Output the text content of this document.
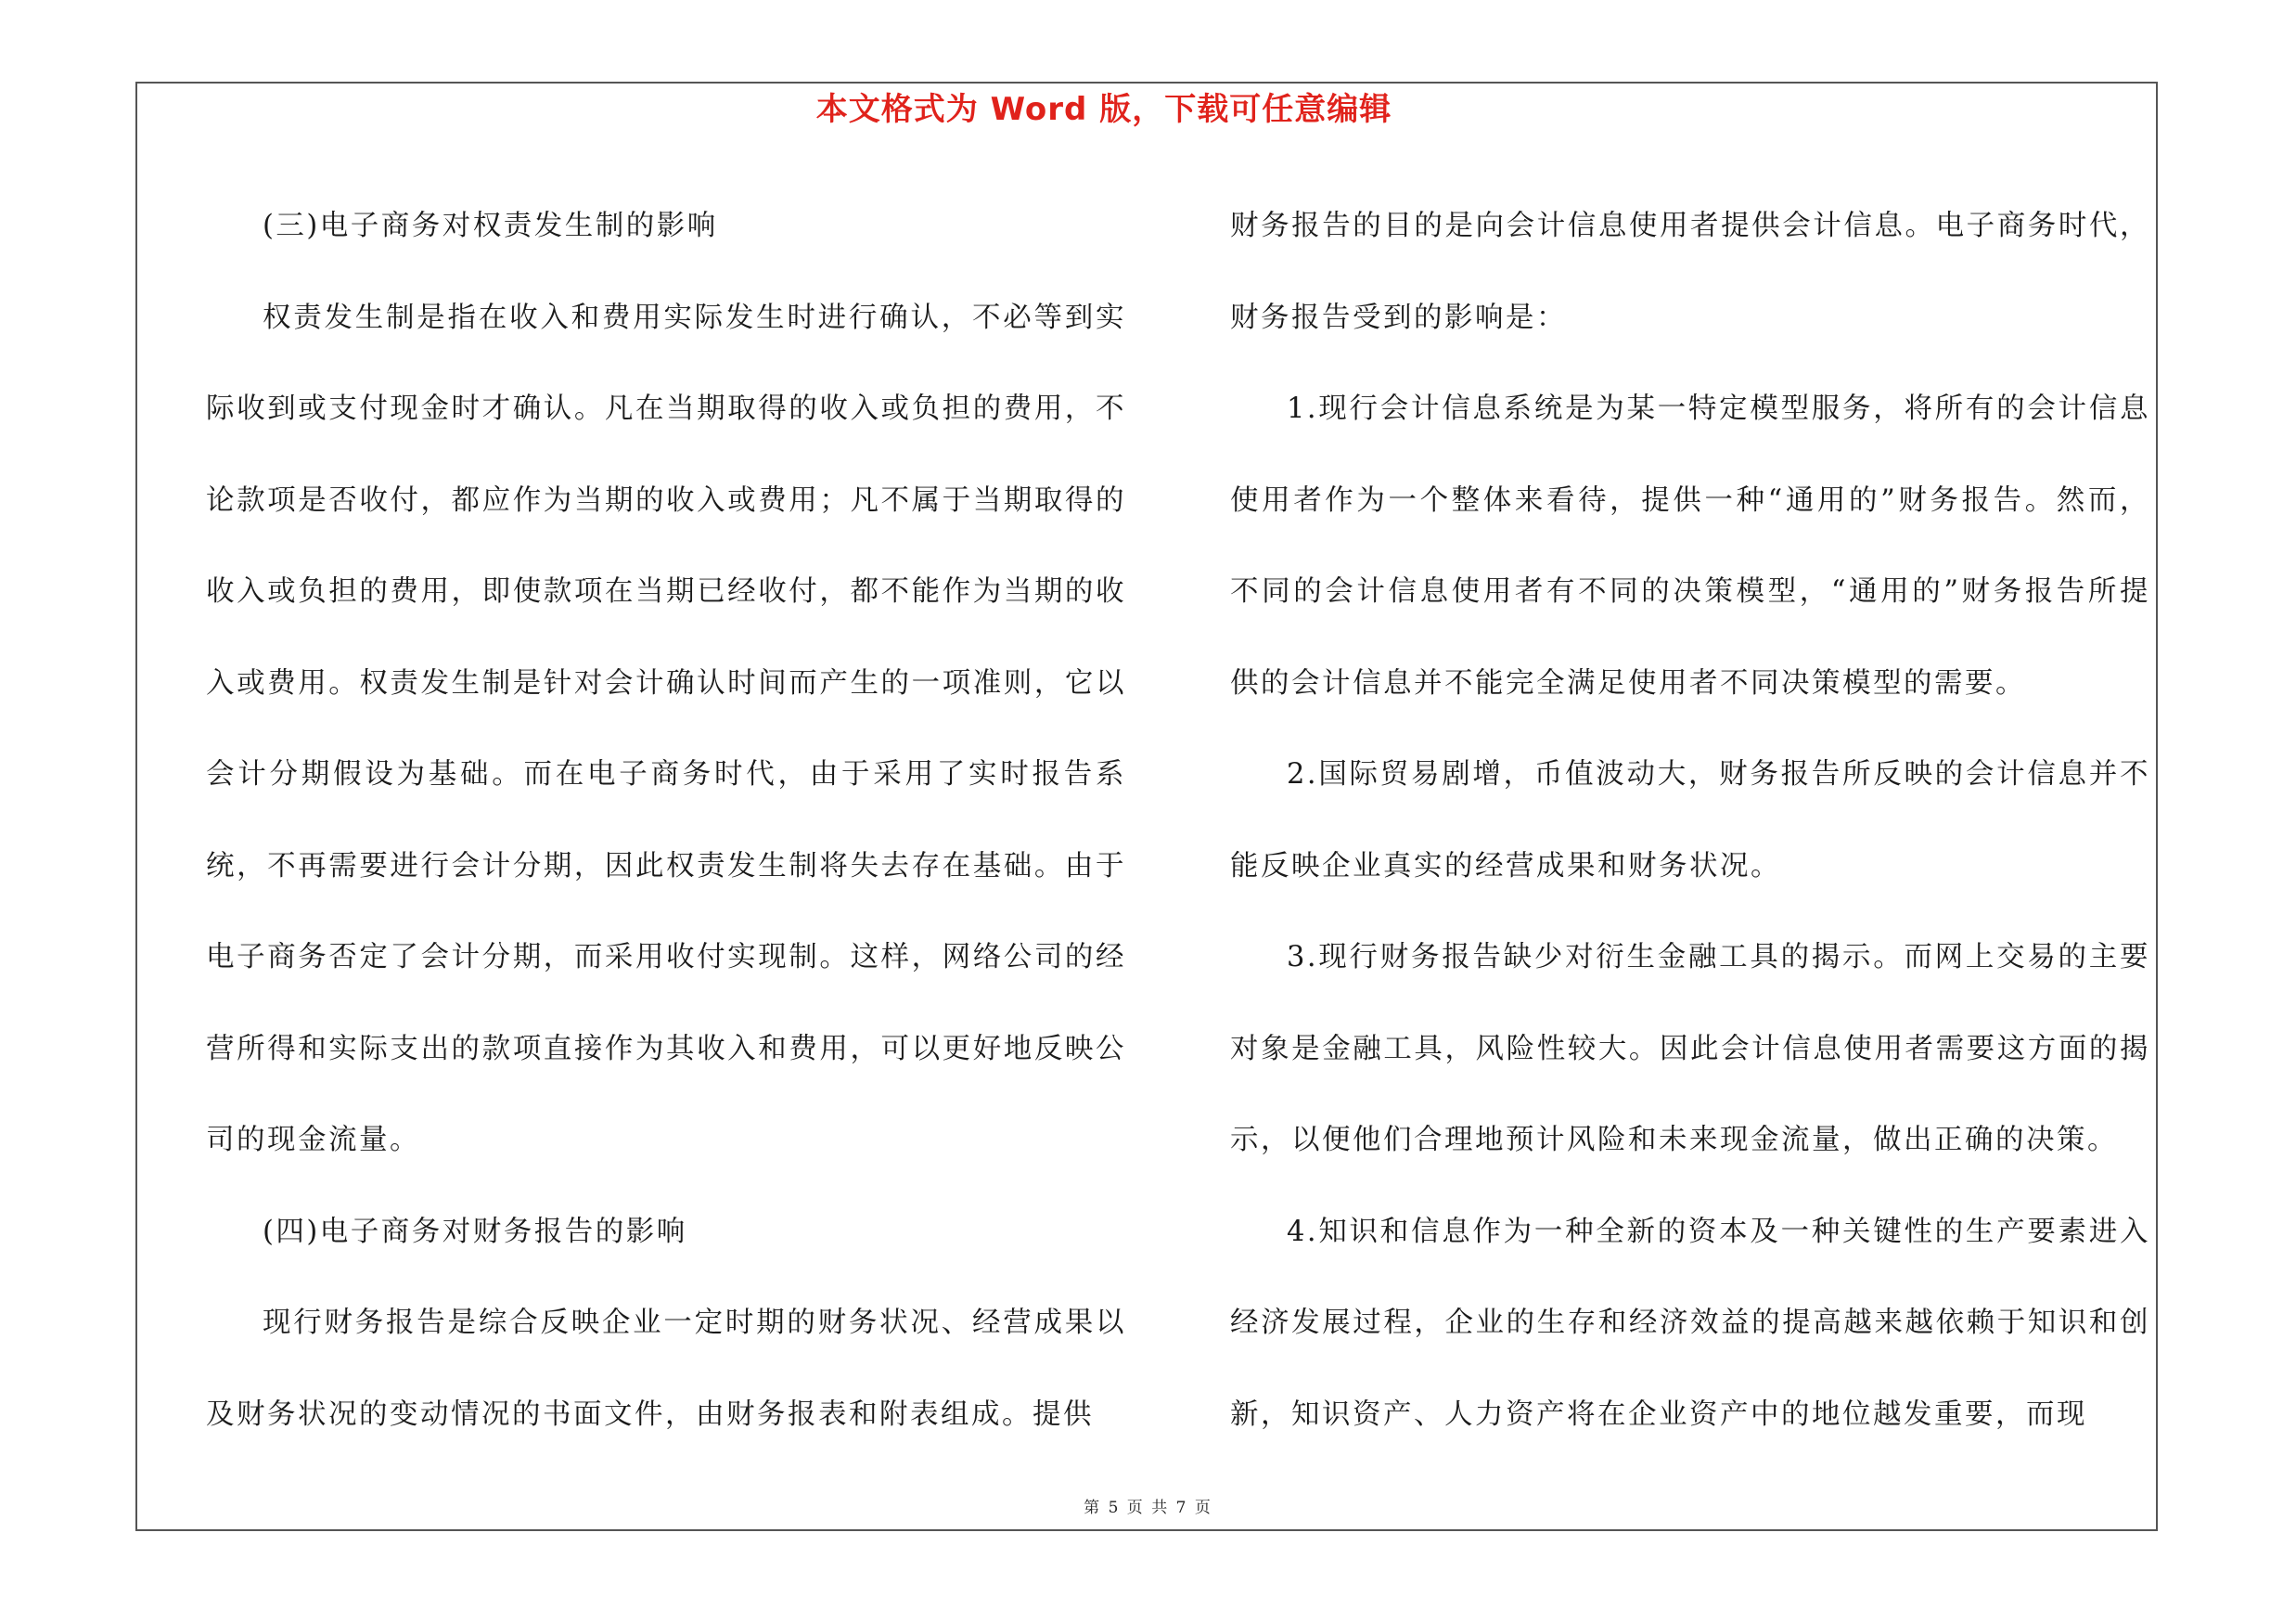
本文格式为 Word 版，下载可任意编辑

(三)电子商务对权责发生制的影响

权责发生制是指在收入和费用实际发生时进行确认，不必等到实际收到或支付现金时才确认。凡在当期取得的收入或负担的费用，不论款项是否收付，都应作为当期的收入或费用；凡不属于当期取得的收入或负担的费用，即使款项在当期已经收付，都不能作为当期的收入或费用。权责发生制是针对会计确认时间而产生的一项准则，它以会计分期假设为基础。而在电子商务时代，由于采用了实时报告系统，不再需要进行会计分期，因此权责发生制将失去存在基础。由于电子商务否定了会计分期，而采用收付实现制。这样，网络公司的经营所得和实际支出的款项直接作为其收入和费用，可以更好地反映公司的现金流量。

(四)电子商务对财务报告的影响

现行财务报告是综合反映企业一定时期的财务状况、经营成果以及财务状况的变动情况的书面文件，由财务报表和附表组成。提供

财务报告的目的是向会计信息使用者提供会计信息。电子商务时代，财务报告受到的影响是：

1.现行会计信息系统是为某一特定模型服务，将所有的会计信息使用者作为一个整体来看待，提供一种“通用的”财务报告。然而，不同的会计信息使用者有不同的决策模型，“通用的”财务报告所提供的会计信息并不能完全满足使用者不同决策模型的需要。

2.国际贸易剧增，币值波动大，财务报告所反映的会计信息并不能反映企业真实的经营成果和财务状况。

3.现行财务报告缺少对衍生金融工具的揭示。而网上交易的主要对象是金融工具，风险性较大。因此会计信息使用者需要这方面的揭示，以便他们合理地预计风险和未来现金流量，做出正确的决策。

4.知识和信息作为一种全新的资本及一种关键性的生产要素进入经济发展过程，企业的生存和经济效益的提高越来越依赖于知识和创新，知识资产、人力资产将在企业资产中的地位越发重要，而现

第 5 页 共 7 页
